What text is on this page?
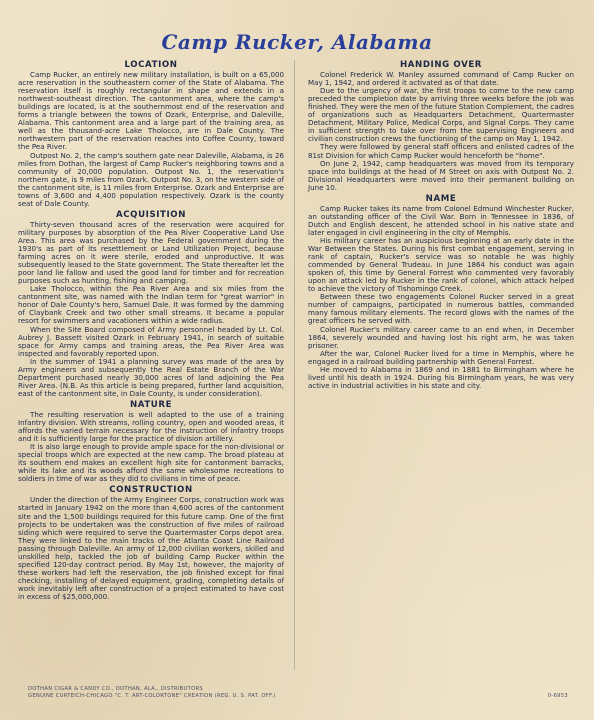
Camp Rucker, Alabama
LOCATION

Camp Rucker, an entirely new military installation, is built on a 65,000 acre reservation in the southeastern corner of the State of Alabama. The reservation itself is roughly rectangular in shape and extends in a northwest-southeast direction. The cantonment area, where the camp's buildings are located, is at the southernmost end of the reservation and forms a triangle between the towns of Ozark, Enterprise, and Daleville, Alabama. This cantonment area and a large part of the training area, as well as the thousand-acre Lake Tholocco, are in Dale County. The northwestern part of the reservation reaches into Coffee County, toward the Pea River.

Outpost No. 2, the camp's southern gate near Daleville, Alabama, is 26 miles from Dothan, the largest of Camp Rucker's neighboring towns and a community of 20,000 population. Outpost No. 1, the reservation's northern gate, is 9 miles from Ozark. Outpost No. 3, on the western side of the cantonment site, is 11 miles from Enterprise. Ozark and Enterprise are towns of 3,600 and 4,400 population respectively. Ozark is the county seat of Dale County.

ACQUISITION

Thirty-seven thousand acres of the reservation were acquired for military purposes by absorption of the Pea River Cooperative Land Use Area. This area was purchased by the Federal government during the 1930's as part of its resettlement or Land Utilization Project, because farming acres on it were sterile, eroded and unproductive. It was subsequently leased to the State government. The State thereafter let the poor land lie fallow and used the good land for timber and for recreation purposes such as hunting, fishing and camping.

Lake Tholocco, within the Pea River Area and six miles from the cantonment site, was named with the Indian term for "great warrior" in honor of Dale County's hero, Samuel Dale. It was formed by the damming of Claybank Creek and two other small streams. It became a popular resort for swimmers and vacationers within a wide radius.

When the Site Board composed of Army personnel headed by Lt. Col. Aubrey J. Bassett visited Ozark in February 1941, in search of suitable space for Army camps and training areas, the Pea River Area was inspected and favorably reported upon.

In the summer of 1941 a planning survey was made of the area by Army engineers and subsequently the Real Estate Branch of the War Department purchased nearly 30,000 acres of land adjoining the Pea River Area. (N.B. As this article is being prepared, further land acquisition, east of the cantonment site, in Dale County, is under consideration).

NATURE

The resulting reservation is well adapted to the use of a training Infantry division. With streams, rolling country, open and wooded areas, it affords the varied terrain necessary for the instruction of infantry troops and it is sufficiently large for the practice of division artillery.

It is also large enough to provide ample space for the non-divisional or special troops which are expected at the new camp. The broad plateau at its southern end makes an excellent high site for cantonment barracks, while its lake and its woods afford the same wholesome recreations to soldiers in time of war as they did to civilians in time of peace.

CONSTRUCTION

Under the direction of the Army Engineer Corps, construction work was started in January 1942 on the more than 4,600 acres of the cantonment site and the 1,500 buildings required for this future camp. One of the first projects to be undertaken was the construction of five miles of railroad siding which were required to serve the Quartermaster Corps depot area. They were linked to the main tracks of the Atlanta Coast Line Railroad passing through Daleville. An army of 12,000 civilian workers, skilled and unskilled help, tackled the job of building Camp Rucker within the specified 120-day contract period. By May 1st, however, the majority of these workers had left the reservation, the job finished except for final checking, installing of delayed equipment, grading, completing details of work inevitably left after construction of a project estimated to have cost in excess of $25,000,000.

HANDING OVER

Colonel Frederick W. Manley assumed command of Camp Rucker on May 1, 1942, and ordered it activated as of that date.

Due to the urgency of war, the first troops to come to the new camp preceded the completion date by arriving three weeks before the job was finished. They were the men of the future Station Complement, the cadres of organizations such as Headquarters Detachment, Quartermaster Detachment, Military Police, Medical Corps, and Signal Corps. They came in sufficient strength to take over from the supervising Engineers and civilian construction crews the functioning of the camp on May 1, 1942.

They were followed by general staff officers and enlisted cadres of the 81st Division for which Camp Rucker would henceforth be "home".

On June 2, 1942, camp headquarters was moved from its temporary space into buildings at the head of M Street on axis with Outpost No. 2. Divisional Headquarters were moved into their permanent building on June 10.

NAME

Camp Rucker takes its name from Colonel Edmund Winchester Rucker, an outstanding officer of the Civil War. Born in Tennessee in 1836, of Dutch and English descent, he attended school in his native state and later engaged in civil engineering in the city of Memphis.

His military career has an auspicious beginning at an early date in the War Between the States. During his first combat engagement, serving in rank of captain, Rucker's service was so notable he was highly commended by General Trudeau. In June 1864 his conduct was again spoken of, this time by General Forrest who commented very favorably upon an attack led by Rucker in the rank of colonel, which attack helped to achieve the victory of Tishomingo Creek.

Between these two engagements Colonel Rucker served in a great number of campaigns, participated in numerous battles, commanded many famous military elements. The record glows with the names of the great officers he served with.

Colonel Rucker's military career came to an end when, in December 1864, severely wounded and having lost his right arm, he was taken prisoner.

After the war, Colonel Rucker lived for a time in Memphis, where he engaged in a railroad building partnership with General Forrest.

He moved to Alabama in 1869 and in 1881 to Birmingham where he lived until his death in 1924. During his Birmingham years, he was very active in industrial activities in his state and city.

DOTHAN CIGAR & CANDY CO., DOTHAN, ALA., DISTRIBUTORS
GENUINE CURTEICH-CHICAGO "C. T. ART-COLORTONE" CREATION (REG. U. S. PAT. OFF.)	0-6953
